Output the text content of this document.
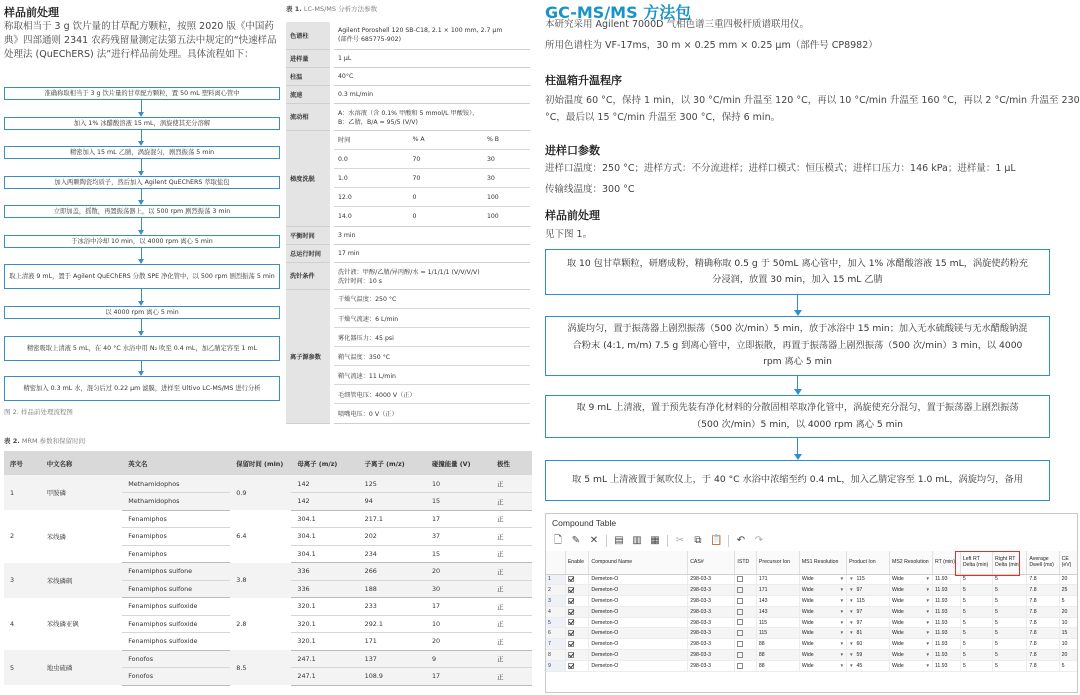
样品前处理
称取相当于 3 g 饮片量的甘草配方颗粒，按照 2020 版《中国药典》四部通则 2341 农药残留量测定法第五法中规定的“快速样品处理法 (QuEChERS) 法”进行样品前处理。具体流程如下：
准确称取相当于 3 g 饮片量的甘草配方颗粒，置 50 mL 塑料离心管中
加入 1% 冰醋酸溶液 15 mL，涡旋使其充分溶解
精密加入 15 mL 乙腈，涡旋混匀，剧烈振荡 5 min
加入两颗陶瓷均质子，然后加入 Agilent QuEChERS 萃取盐包
立即加盖，摇散，再置振荡器上，以 500 rpm 剧烈振荡 3 min
于冰浴中冷却 10 min，以 4000 rpm 离心 5 min
取上清液 9 mL，置于 Agilent QuEChERS 分散 SPE 净化管中，以 500 rpm 剧烈振荡 5 min
以 4000 rpm 离心 5 min
精密吸取上清液 5 mL，在 40 °C 水浴中用 N₂ 吹至 0.4 mL，加乙腈定容至 1 mL
精密加入 0.3 mL 水，混匀后过 0.22 μm 滤膜，进样至 Ultivo LC-MS/MS 进行分析
图 2. 样品前处理流程图
表 1. LC-MS/MS 分析方法参数
色谱柱	Agilent Poroshell 120 SB-C18, 2.1 × 100 mm, 2.7 μm
(部件号 685775-902)
进样量	1 μL
柱温	40°C
流速	0.3 mL/min
流动相	A：水溶液（含 0.1% 甲酸和 5 mmol/L 甲酸铵），
B：乙腈，B/A = 95/5 (V/V)
梯度洗脱	
时间	% A	% B
0.0	70	30
1.0	70	30
12.0	0	100
14.0	0	100

平衡时间	3 min
总运行时间	17 min
洗针条件	洗针液：甲醇/乙腈/异丙醇/水 = 1/1/1/1 (V/V/V/V)
洗针时间：10 s
离子源参数	
干燥气温度：250 °C
干燥气流速：6 L/min
雾化器压力：45 psi
鞘气温度：350 °C
鞘气流速：11 L/min
毛细管电压：4000 V（正）
喷嘴电压：0 V（正）
表 2. MRM 参数和保留时间
序号	中文名称	英文名	保留时间 (min)	母离子 (m/z)	子离子 (m/z)	碰撞能量 (V)	极性
1	甲胺磷	Methamidophos	0.9	142	125	10	正
		Methamidophos		142	94	15	正
2	苯线磷	Fenamiphos	6.4	304.1	217.1	17	正
		Fenamiphos		304.1	202	37	正
		Fenamiphos		304.1	234	15	正
3	苯线磷砜	Fenamiphos sulfone	3.8	336	266	20	正
		Fenamiphos sulfone		336	188	30	正
4	苯线磷亚砜	Fenamiphos sulfoxide	2.8	320.1	233	17	正
		Fenamiphos sulfoxide		320.1	292.1	10	正
		Fenamiphos sulfoxide		320.1	171	20	正
5	地虫硫磷	Fonofos	8.5	247.1	137	9	正
		Fonofos		247.1	108.9	17	正
GC-MS/MS 方法包
本研究采用 Agilent 7000D 气相色谱三重四极杆质谱联用仪。
所用色谱柱为 VF-17ms，30 m × 0.25 mm × 0.25 μm（部件号 CP8982）
柱温箱升温程序
初始温度 60 °C，保持 1 min，以 30 °C/min 升温至 120 °C，再以 10 °C/min 升温至 160 °C，再以 2 °C/min 升温至 230 °C，最后以 15 °C/min 升温至 300 °C，保持 6 min。
进样口参数
进样口温度：250 °C；进样方式：不分流进样；进样口模式：恒压模式；进样口压力：146 kPa；进样量：1 μL
传输线温度：300 °C
样品前处理
见下图 1。
取 10 包甘草颗粒，研磨成粉，精确称取 0.5 g 于 50mL 离心管中，加入 1% 冰醋酸溶液 15 mL，涡旋使药粉充分浸润，放置 30 min，加入 15 mL 乙腈
涡旋均匀，置于振荡器上剧烈振荡（500 次/min）5 min，放于冰浴中 15 min；加入无水硫酸镁与无水醋酸钠混合粉末 (4:1, m/m) 7.5 g 到离心管中，立即振散，再置于振荡器上剧烈振荡（500 次/min）3 min，以 4000 rpm 离心 5 min
取 9 mL 上清液，置于预先装有净化材料的分散固相萃取净化管中，涡旋使充分混匀，置于振荡器上剧烈振荡（500 次/min）5 min，以 4000 rpm 离心 5 min
取 5 mL 上清液置于氮吹仪上，于 40 °C 水浴中浓缩至约 0.4 mL，加入乙腈定容至 1.0 mL，涡旋均匀，备用
Compound Table
🗋 ✎ ✕ ▤ ▥ ▦ ✂ ⧉ 📋 ↶ ↷
	Enable	Compound Name	CAS#	ISTD	Precursor Ion	MS1 Resolution	Product Ion	MS2 Resolution	RT (min)	Left RT Delta (min)	Right RT Delta (min)	Average Dwell (ms)	CE (eV)
1		Demeton-O	298-03-3		171	Wide ▼	▼ 115	Wide ▼	11.93	5	5	7.8	20
2		Demeton-O	298-03-3		171	Wide ▼	▼ 97	Wide ▼	11.93	5	5	7.8	25
3		Demeton-O	298-03-3		143	Wide ▼	▼ 115	Wide ▼	11.93	5	5	7.8	5
4		Demeton-O	298-03-3		143	Wide ▼	▼ 97	Wide ▼	11.93	5	5	7.8	20
5		Demeton-O	298-03-3		115	Wide ▼	▼ 97	Wide ▼	11.93	5	5	7.8	10
6		Demeton-O	298-03-3		115	Wide ▼	▼ 81	Wide ▼	11.93	5	5	7.8	15
7		Demeton-O	298-03-3		88	Wide ▼	▼ 60	Wide ▼	11.93	5	5	7.8	10
8		Demeton-O	298-03-3		88	Wide ▼	▼ 59	Wide ▼	11.93	5	5	7.8	20
9		Demeton-O	298-03-3		88	Wide ▼	▼ 45	Wide ▼	11.93	5	5	7.8	5
